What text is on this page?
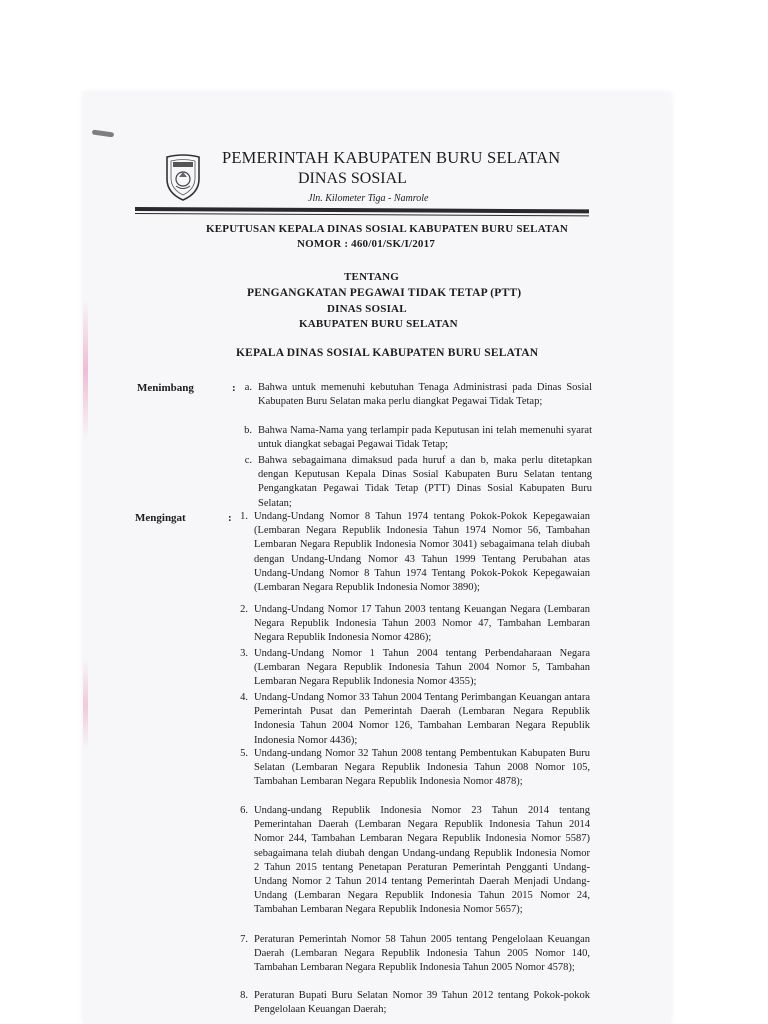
PEMERINTAH KABUPATEN BURU SELATAN
DINAS SOSIAL
Jln. Kilometer Tiga - Namrole
KEPUTUSAN KEPALA DINAS SOSIAL KABUPATEN BURU SELATAN
NOMOR : 460/01/SK/I/2017
TENTANG
PENGANGKATAN PEGAWAI TIDAK TETAP (PTT)
DINAS SOSIAL
KABUPATEN BURU SELATAN
KEPALA DINAS SOSIAL KABUPATEN BURU SELATAN
Menimbang	: a. Bahwa untuk memenuhi kebutuhan Tenaga Administrasi pada Dinas Sosial Kabupaten Buru Selatan maka perlu diangkat Pegawai Tidak Tetap;

b. Bahwa Nama-Nama yang terlampir pada Keputusan ini telah memenuhi syarat untuk diangkat sebagai Pegawai Tidak Tetap;

c. Bahwa sebagaimana dimaksud pada huruf a dan b, maka perlu ditetapkan dengan Keputusan Kepala Dinas Sosial Kabupaten Buru Selatan tentang Pengangkatan Pegawai Tidak Tetap (PTT) Dinas Sosial Kabupaten Buru Selatan;

Mengingat	: 1. Undang-Undang Nomor 8 Tahun 1974 tentang Pokok-Pokok Kepegawaian (Lembaran Negara Republik Indonesia Tahun 1974 Nomor 56, Tambahan Lembaran Negara Republik Indonesia Nomor 3041) sebagaimana telah diubah dengan Undang-Undang Nomor 43 Tahun 1999 Tentang Perubahan atas Undang-Undang Nomor 8 Tahun 1974 Tentang Pokok-Pokok Kepegawaian (Lembaran Negara Republik Indonesia Nomor 3890);

2. Undang-Undang Nomor 17 Tahun 2003 tentang Keuangan Negara (Lembaran Negara Republik Indonesia Tahun 2003 Nomor 47, Tambahan Lembaran Negara Republik Indonesia Nomor 4286);

3. Undang-Undang Nomor 1 Tahun 2004 tentang Perbendaharaan Negara (Lembaran Negara Republik Indonesia Tahun 2004 Nomor 5, Tambahan Lembaran Negara Republik Indonesia Nomor 4355);

4. Undang-Undang Nomor 33 Tahun 2004 Tentang Perimbangan Keuangan antara Pemerintah Pusat dan Pemerintah Daerah (Lembaran Negara Republik Indonesia Tahun 2004 Nomor 126, Tambahan Lembaran Negara Republik Indonesia Nomor 4436);

5. Undang-undang Nomor 32 Tahun 2008 tentang Pembentukan Kabupaten Buru Selatan (Lembaran Negara Republik Indonesia Tahun 2008 Nomor 105, Tambahan Lembaran Negara Republik Indonesia Nomor 4878);

6. Undang-undang Republik Indonesia Nomor 23 Tahun 2014 tentang Pemerintahan Daerah (Lembaran Negara Republik Indonesia Tahun 2014 Nomor 244, Tambahan Lembaran Negara Republik Indonesia Nomor 5587) sebagaimana telah diubah dengan Undang-undang Republik Indonesia Nomor 2 Tahun 2015 tentang Penetapan Peraturan Pemerintah Pengganti Undang-Undang Nomor 2 Tahun 2014 tentang Pemerintah Daerah Menjadi Undang-Undang (Lembaran Negara Republik Indonesia Tahun 2015 Nomor 24, Tambahan Lembaran Negara Republik Indonesia Nomor 5657);

7. Peraturan Pemerintah Nomor 58 Tahun 2005 tentang Pengelolaan Keuangan Daerah (Lembaran Negara Republik Indonesia Tahun 2005 Nomor 140, Tambahan Lembaran Negara Republik Indonesia Tahun 2005 Nomor 4578);

8. Peraturan Bupati Buru Selatan Nomor 39 Tahun 2012 tentang Pokok-pokok Pengelolaan Keuangan Daerah;
